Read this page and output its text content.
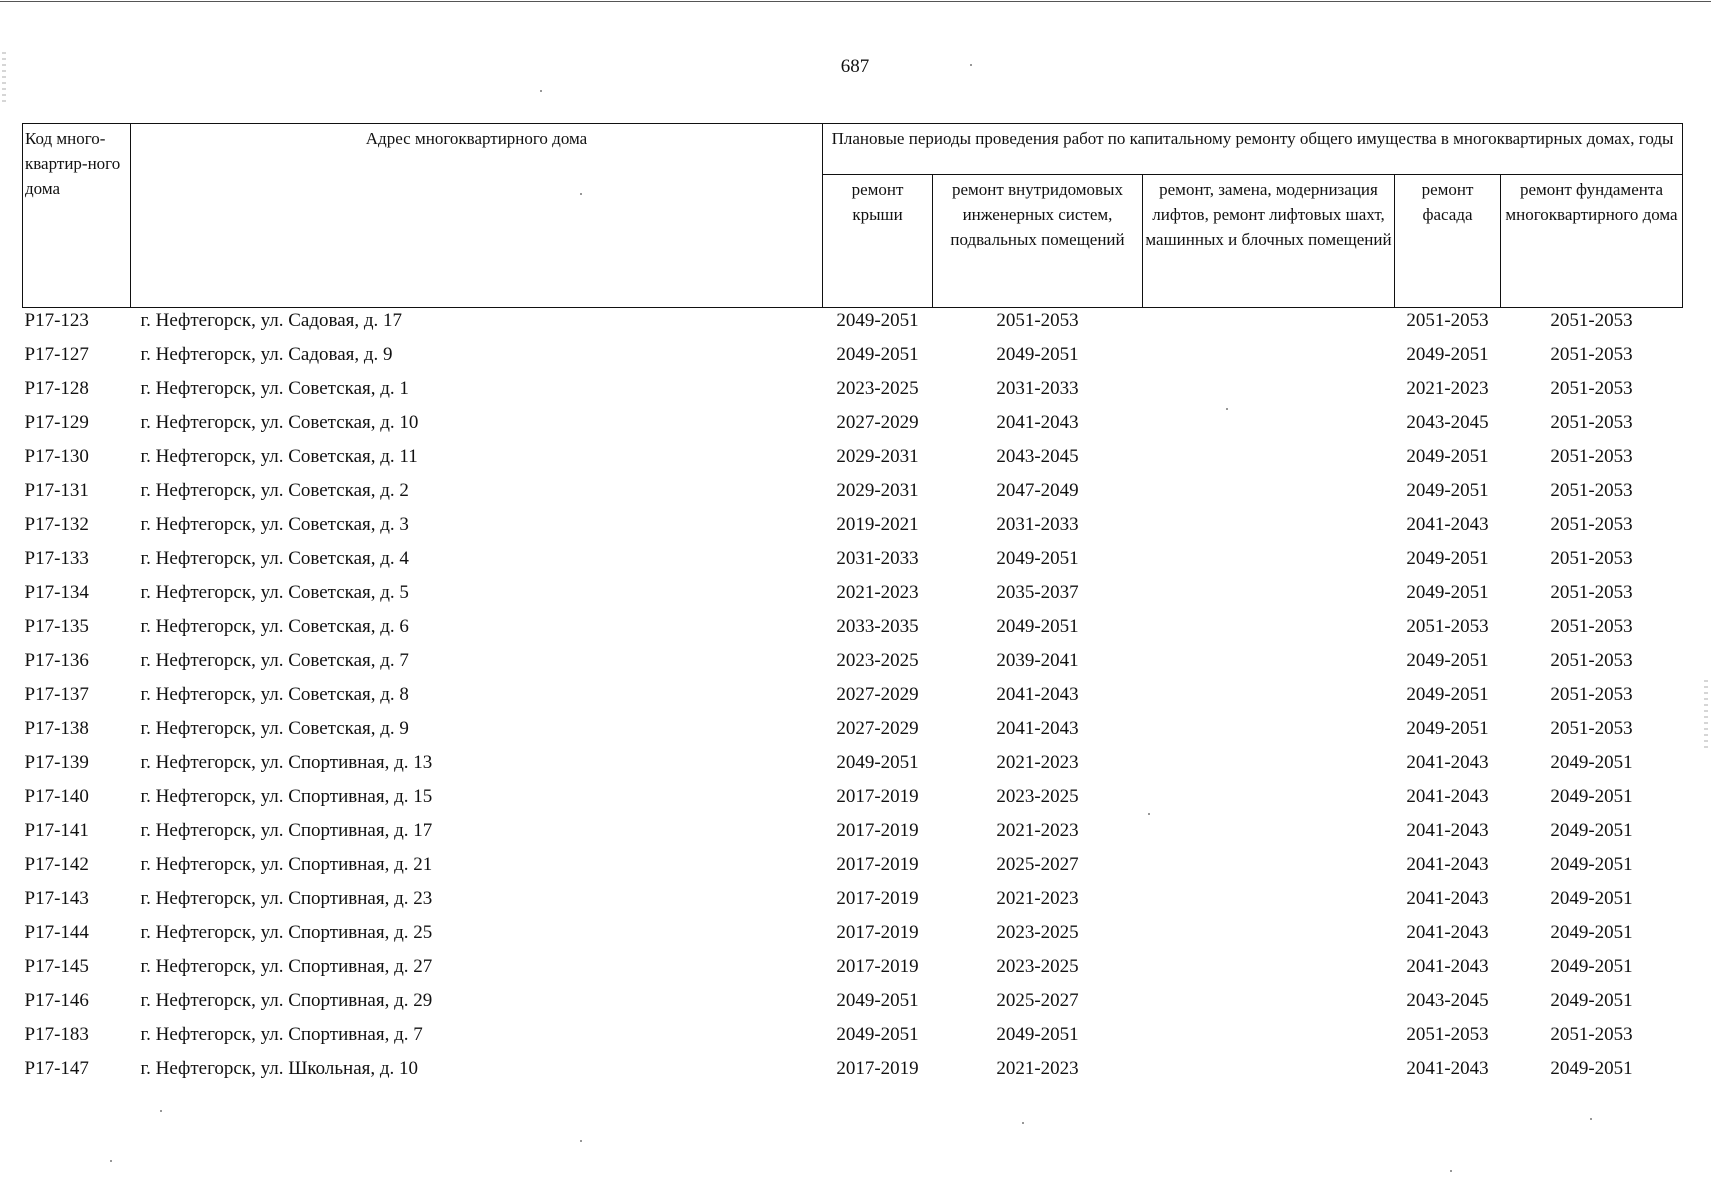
687
Код много-квартир-ного дома	Адрес многоквартирного дома	Плановые периоды проведения работ по капитальному ремонту общего имущества в многоквартирных домах, годы				
		ремонт крыши	ремонт внутридомовых инженерных систем, подвальных помещений	ремонт, замена, модернизация лифтов, ремонт лифтовых шахт, машинных и блочных помещений	ремонт фасада	ремонт фундамента многоквартирного дома
Р17-123	г. Нефтегорск, ул. Садовая, д. 17	2049-2051	2051-2053		2051-2053	2051-2053
Р17-127	г. Нефтегорск, ул. Садовая, д. 9	2049-2051	2049-2051		2049-2051	2051-2053
Р17-128	г. Нефтегорск, ул. Советская, д. 1	2023-2025	2031-2033		2021-2023	2051-2053
Р17-129	г. Нефтегорск, ул. Советская, д. 10	2027-2029	2041-2043		2043-2045	2051-2053
Р17-130	г. Нефтегорск, ул. Советская, д. 11	2029-2031	2043-2045		2049-2051	2051-2053
Р17-131	г. Нефтегорск, ул. Советская, д. 2	2029-2031	2047-2049		2049-2051	2051-2053
Р17-132	г. Нефтегорск, ул. Советская, д. 3	2019-2021	2031-2033		2041-2043	2051-2053
Р17-133	г. Нефтегорск, ул. Советская, д. 4	2031-2033	2049-2051		2049-2051	2051-2053
Р17-134	г. Нефтегорск, ул. Советская, д. 5	2021-2023	2035-2037		2049-2051	2051-2053
Р17-135	г. Нефтегорск, ул. Советская, д. 6	2033-2035	2049-2051		2051-2053	2051-2053
Р17-136	г. Нефтегорск, ул. Советская, д. 7	2023-2025	2039-2041		2049-2051	2051-2053
Р17-137	г. Нефтегорск, ул. Советская, д. 8	2027-2029	2041-2043		2049-2051	2051-2053
Р17-138	г. Нефтегорск, ул. Советская, д. 9	2027-2029	2041-2043		2049-2051	2051-2053
Р17-139	г. Нефтегорск, ул. Спортивная, д. 13	2049-2051	2021-2023		2041-2043	2049-2051
Р17-140	г. Нефтегорск, ул. Спортивная, д. 15	2017-2019	2023-2025		2041-2043	2049-2051
Р17-141	г. Нефтегорск, ул. Спортивная, д. 17	2017-2019	2021-2023		2041-2043	2049-2051
Р17-142	г. Нефтегорск, ул. Спортивная, д. 21	2017-2019	2025-2027		2041-2043	2049-2051
Р17-143	г. Нефтегорск, ул. Спортивная, д. 23	2017-2019	2021-2023		2041-2043	2049-2051
Р17-144	г. Нефтегорск, ул. Спортивная, д. 25	2017-2019	2023-2025		2041-2043	2049-2051
Р17-145	г. Нефтегорск, ул. Спортивная, д. 27	2017-2019	2023-2025		2041-2043	2049-2051
Р17-146	г. Нефтегорск, ул. Спортивная, д. 29	2049-2051	2025-2027		2043-2045	2049-2051
Р17-183	г. Нефтегорск, ул. Спортивная, д. 7	2049-2051	2049-2051		2051-2053	2051-2053
Р17-147	г. Нефтегорск, ул. Школьная, д. 10	2017-2019	2021-2023		2041-2043	2049-2051
